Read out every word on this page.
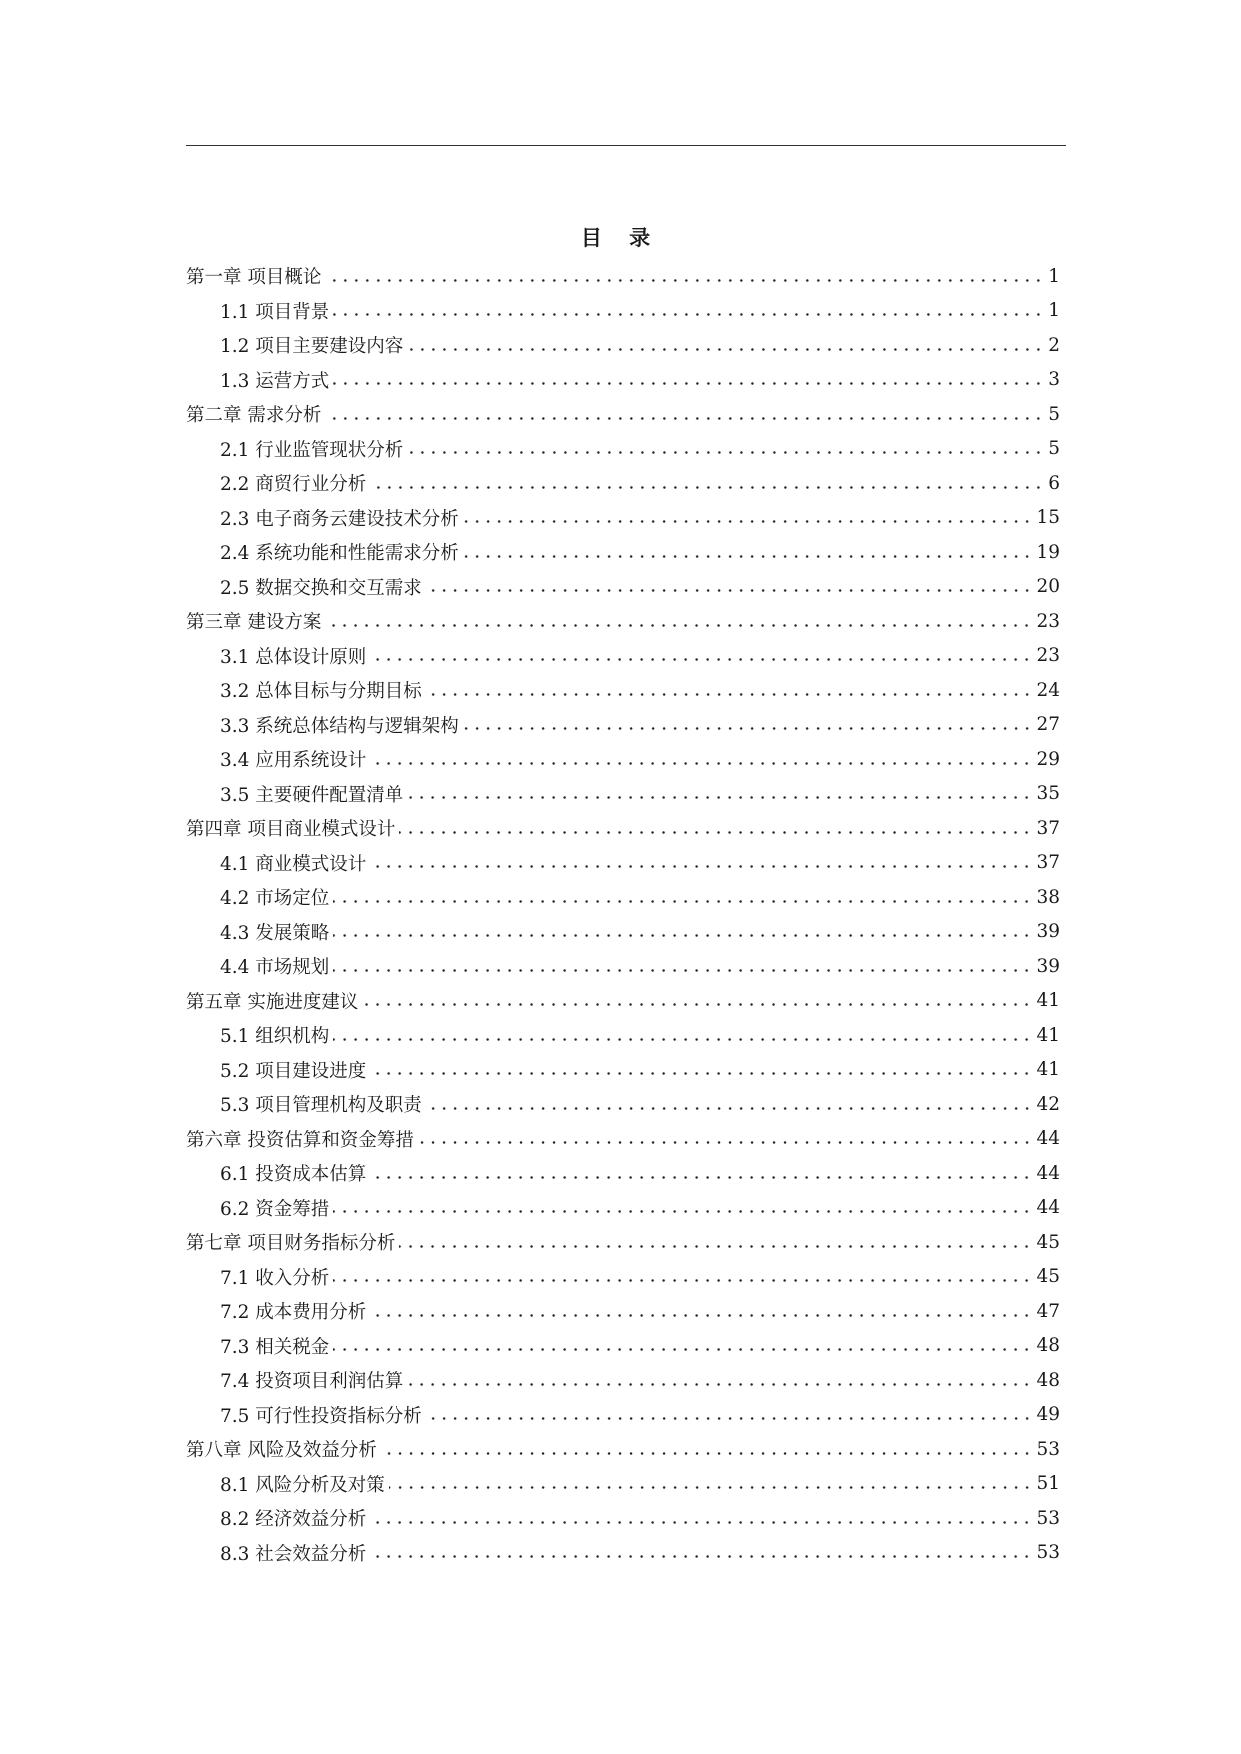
目 录
第一章 项目概论	1
1.1 项目背景	1
1.2 项目主要建设内容	2
1.3 运营方式	3
第二章 需求分析	5
2.1 行业监管现状分析	5
2.2 商贸行业分析	6
2.3 电子商务云建设技术分析	15
2.4 系统功能和性能需求分析	19
2.5 数据交换和交互需求	20
第三章 建设方案	23
3.1 总体设计原则	23
3.2 总体目标与分期目标	24
3.3 系统总体结构与逻辑架构	27
3.4 应用系统设计	29
3.5 主要硬件配置清单	35
第四章 项目商业模式设计	37
4.1 商业模式设计	37
4.2 市场定位	38
4.3 发展策略	39
4.4 市场规划	39
第五章 实施进度建议	41
5.1 组织机构	41
5.2 项目建设进度	41
5.3 项目管理机构及职责	42
第六章 投资估算和资金筹措	44
6.1 投资成本估算	44
6.2 资金筹措	44
第七章 项目财务指标分析	45
7.1 收入分析	45
7.2 成本费用分析	47
7.3 相关税金	48
7.4 投资项目利润估算	48
7.5 可行性投资指标分析	49
第八章 风险及效益分析	53
8.1 风险分析及对策	51
8.2 经济效益分析	53
8.3 社会效益分析	53
